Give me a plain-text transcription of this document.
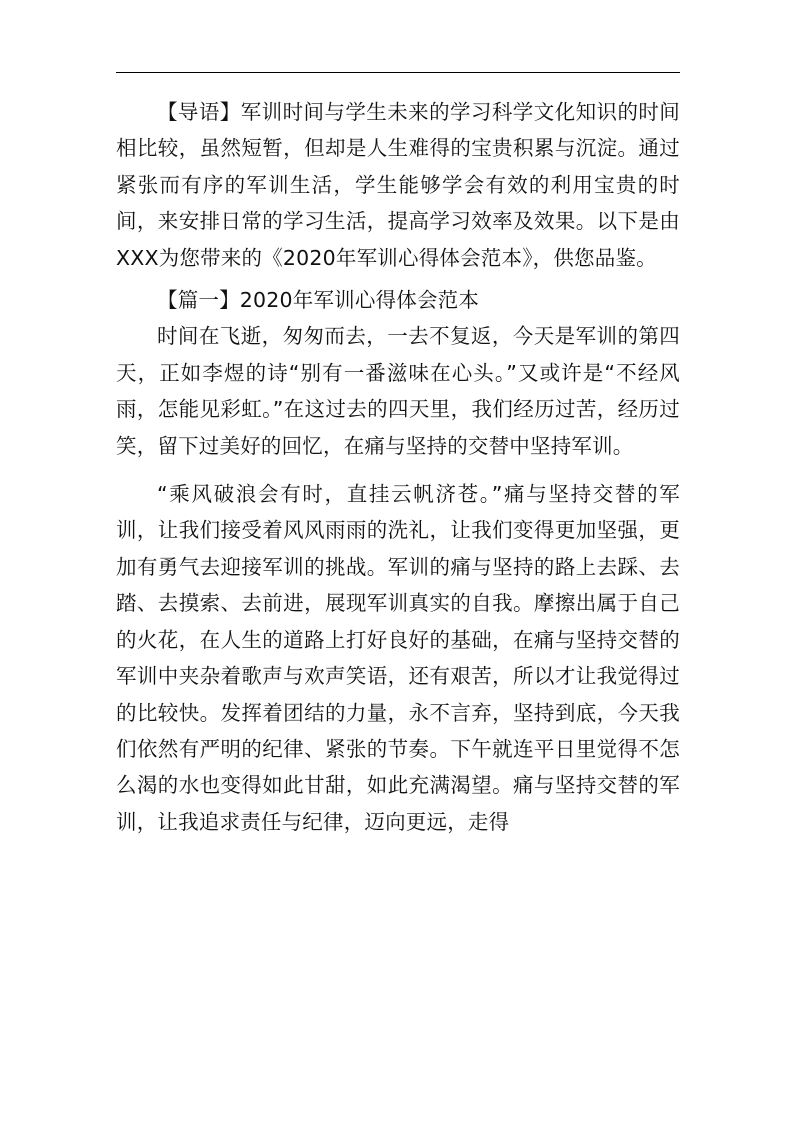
【导语】军训时间与学生未来的学习科学文化知识的时间相比较，虽然短暂，但却是人生难得的宝贵积累与沉淀。通过紧张而有序的军训生活，学生能够学会有效的利用宝贵的时间，来安排日常的学习生活，提高学习效率及效果。以下是由XXX为您带来的《2020年军训心得体会范本》，供您品鉴。

【篇一】2020年军训心得体会范本

时间在飞逝，匆匆而去，一去不复返，今天是军训的第四天，正如李煜的诗“别有一番滋味在心头。”又或许是“不经风雨，怎能见彩虹。”在这过去的四天里，我们经历过苦，经历过笑，留下过美好的回忆，在痛与坚持的交替中坚持军训。

“乘风破浪会有时，直挂云帆济苍。”痛与坚持交替的军训，让我们接受着风风雨雨的洗礼，让我们变得更加坚强，更加有勇气去迎接军训的挑战。军训的痛与坚持的路上去踩、去踏、去摸索、去前进，展现军训真实的自我。摩擦出属于自己的火花，在人生的道路上打好良好的基础，在痛与坚持交替的军训中夹杂着歌声与欢声笑语，还有艰苦，所以才让我觉得过的比较快。发挥着团结的力量，永不言弃，坚持到底，今天我们依然有严明的纪律、紧张的节奏。下午就连平日里觉得不怎么渴的水也变得如此甘甜，如此充满渴望。痛与坚持交替的军训，让我追求责任与纪律，迈向更远，走得
